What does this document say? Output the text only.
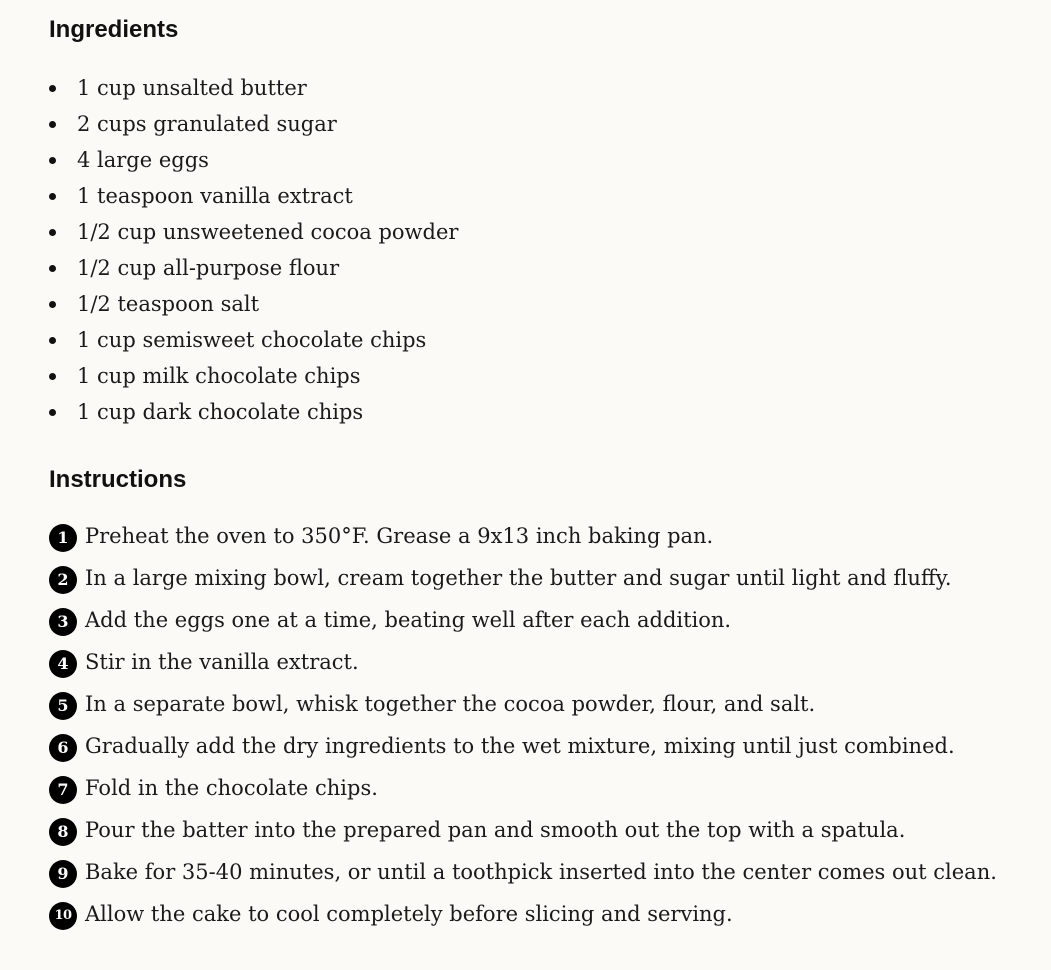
Ingredients
1 cup unsalted butter
2 cups granulated sugar
4 large eggs
1 teaspoon vanilla extract
1/2 cup unsweetened cocoa powder
1/2 cup all-purpose flour
1/2 teaspoon salt
1 cup semisweet chocolate chips
1 cup milk chocolate chips
1 cup dark chocolate chips
Instructions
1 Preheat the oven to 350°F. Grease a 9x13 inch baking pan.
2 In a large mixing bowl, cream together the butter and sugar until light and fluffy.
3 Add the eggs one at a time, beating well after each addition.
4 Stir in the vanilla extract.
5 In a separate bowl, whisk together the cocoa powder, flour, and salt.
6 Gradually add the dry ingredients to the wet mixture, mixing until just combined.
7 Fold in the chocolate chips.
8 Pour the batter into the prepared pan and smooth out the top with a spatula.
9 Bake for 35-40 minutes, or until a toothpick inserted into the center comes out clean.
10 Allow the cake to cool completely before slicing and serving.
